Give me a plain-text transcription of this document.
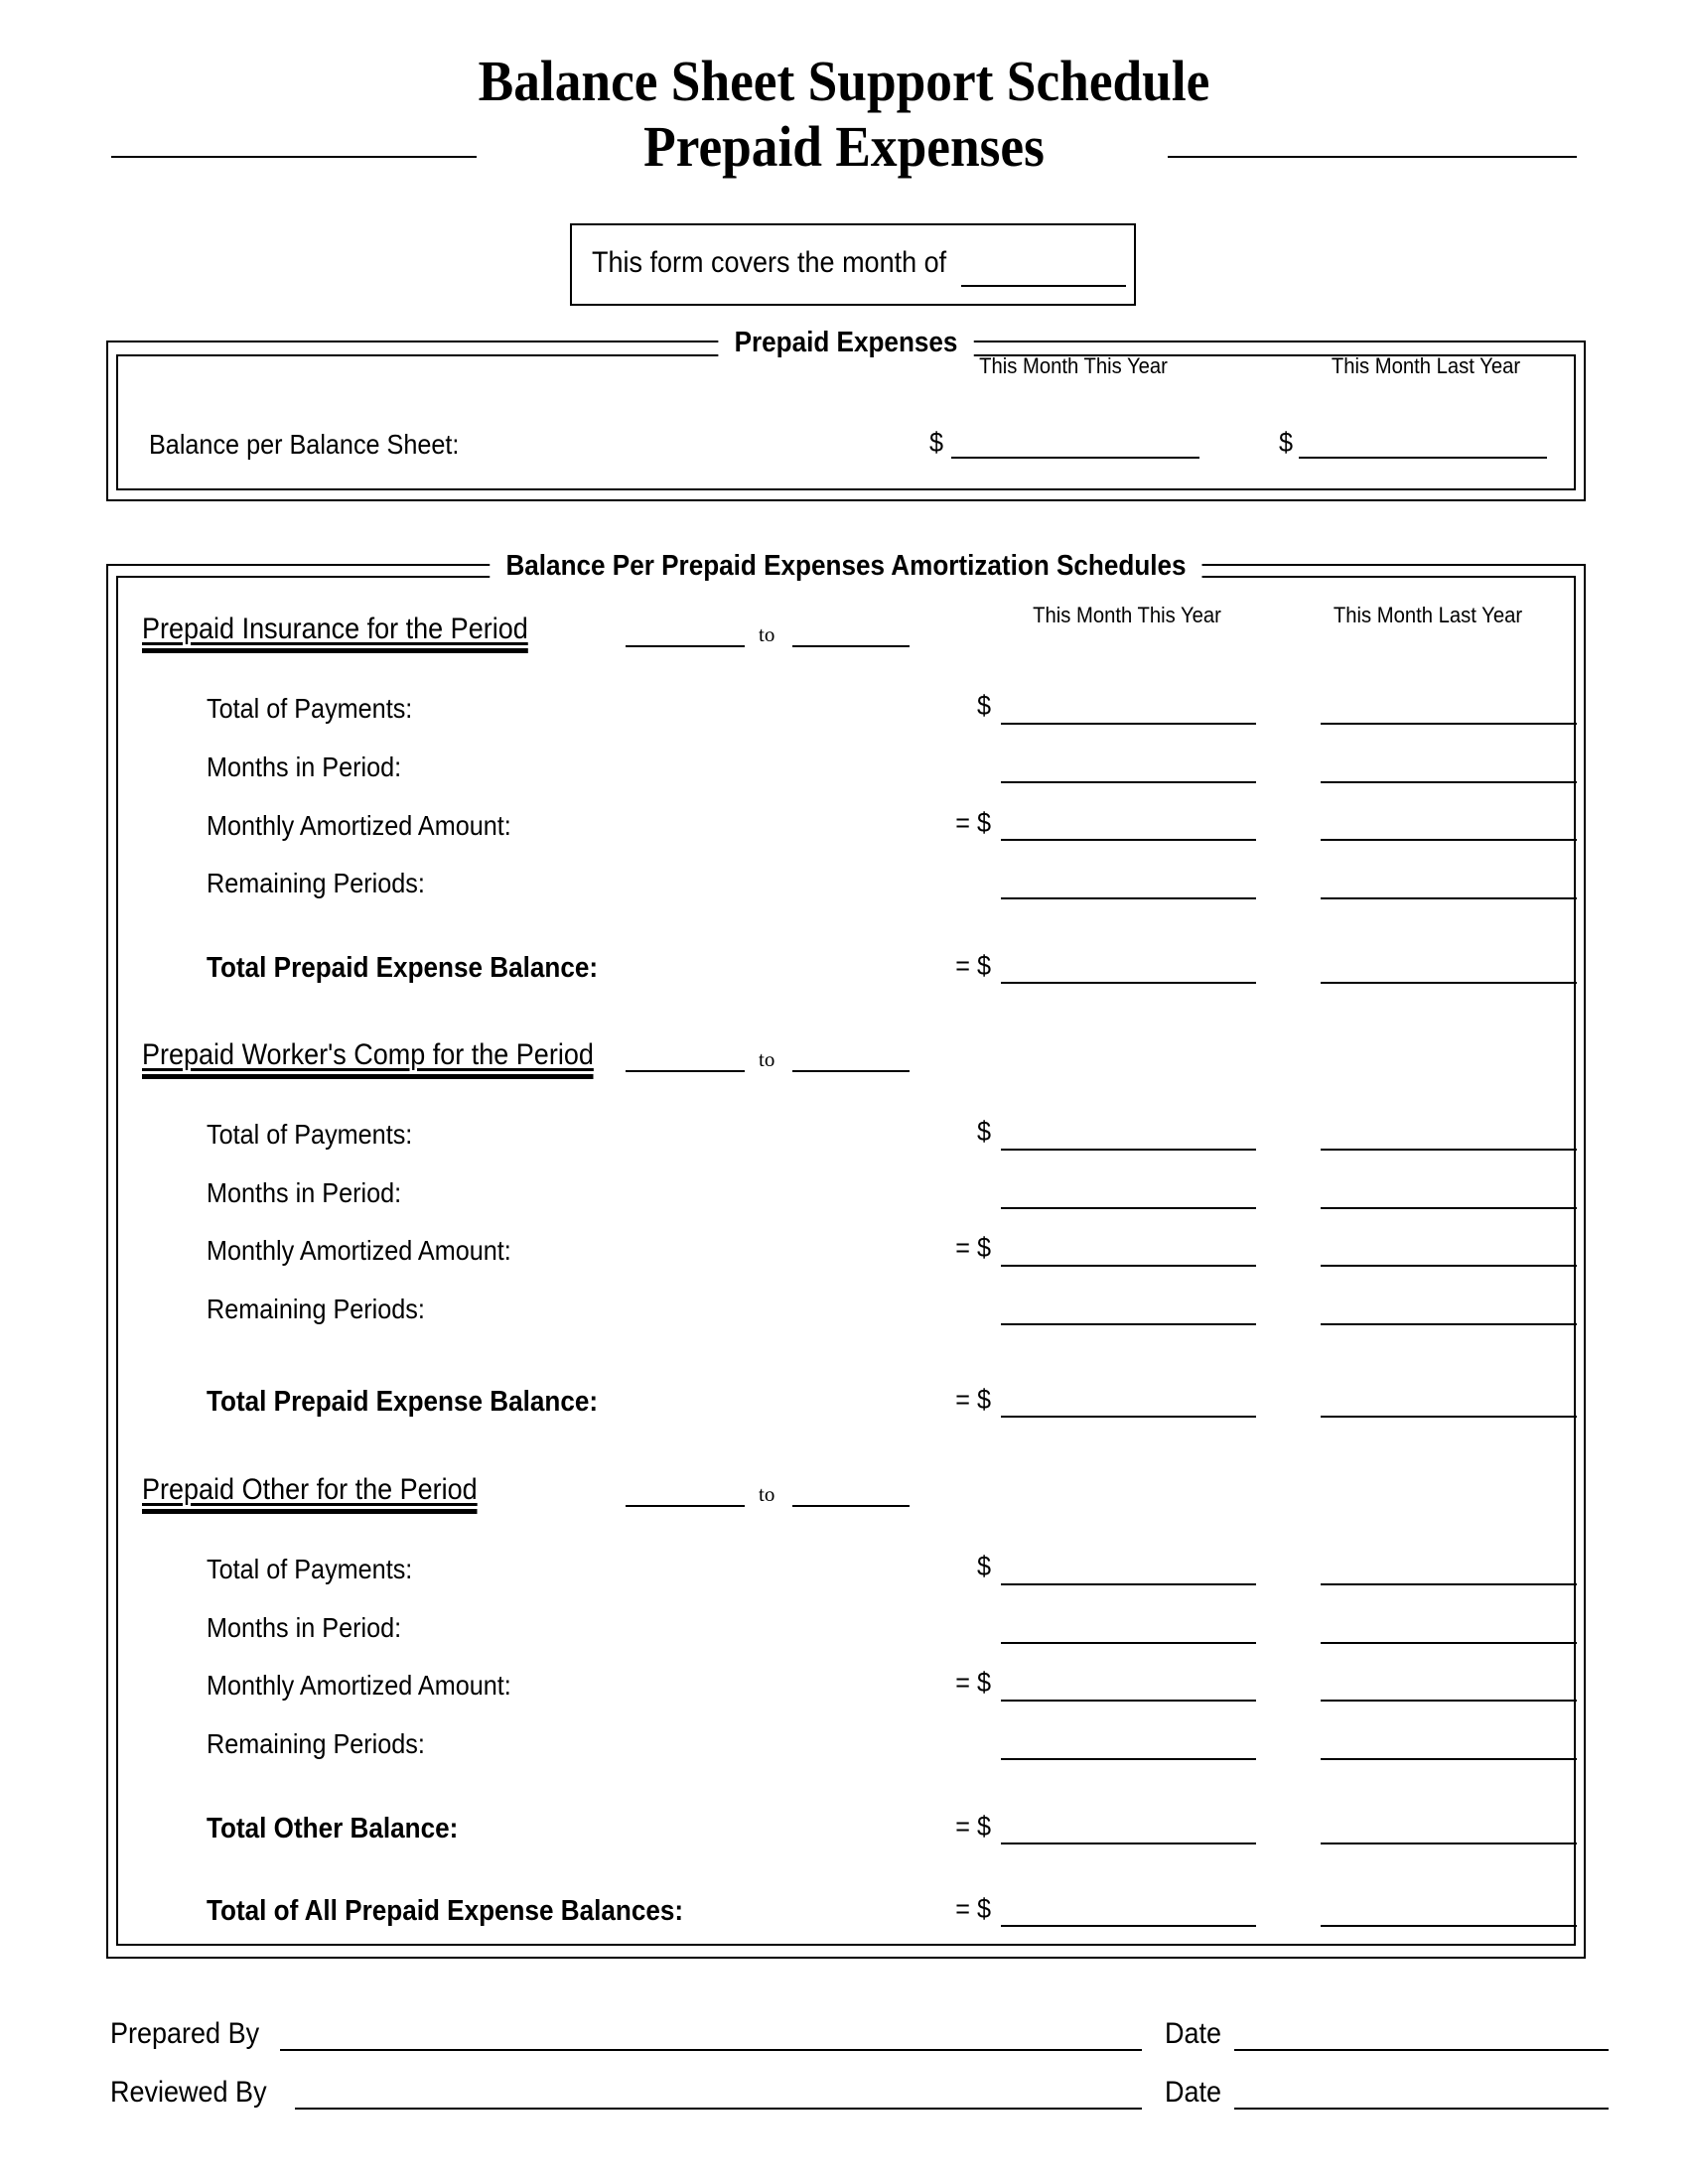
Balance Sheet Support Schedule
Prepaid Expenses
This form covers the month of
Prepaid Expenses
This Month This Year	This Month Last Year
Balance per Balance Sheet:	$	$
Balance Per Prepaid Expenses Amortization Schedules
This Month This Year	This Month Last Year
Prepaid Insurance for the Period	to
Total of Payments:	$
Months in Period:
Monthly Amortized Amount:	= $
Remaining Periods:
Total Prepaid Expense Balance:	= $
Prepaid Worker's Comp for the Period	to
Total of Payments:	$
Months in Period:
Monthly Amortized Amount:	= $
Remaining Periods:
Total Prepaid Expense Balance:	= $
Prepaid Other for the Period	to
Total of Payments:	$
Months in Period:
Monthly Amortized Amount:	= $
Remaining Periods:
Total Other Balance:	= $
Total of All Prepaid Expense Balances:	= $
Prepared By	Date
Reviewed By	Date
